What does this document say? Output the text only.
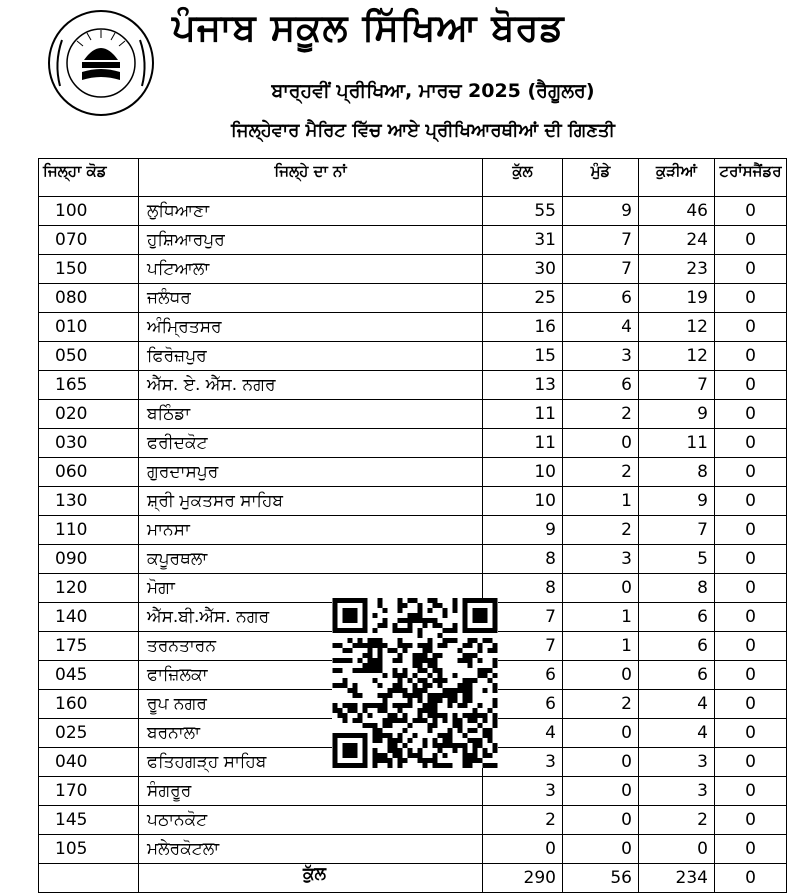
ਪੰਜਾਬ ਸਕੂਲ ਸਿੱਖਿਆ ਬੋਰਡ
ਬਾਰ੍ਹਵੀਂ ਪ੍ਰੀਖਿਆ, ਮਾਰਚ 2025 (ਰੈਗੂਲਰ)
ਜਿਲ੍ਹੇਵਾਰ ਮੈਰਿਟ ਵਿੱਚ ਆਏ ਪ੍ਰੀਖਿਆਰਥੀਆਂ ਦੀ ਗਿਣਤੀ
ਜਿਲ੍ਹਾ ਕੋਡ	ਜਿਲ੍ਹੇ ਦਾ ਨਾਂ	ਕੁੱਲ	ਮੁੰਡੇ	ਕੁੜੀਆਂ	ਟਰਾਂਸਜੈਂਡਰ
100	ਲੁਧਿਆਣਾ	55	9	46	0
070	ਹੁਸ਼ਿਆਰਪੁਰ	31	7	24	0
150	ਪਟਿਆਲਾ	30	7	23	0
080	ਜਲੰਧਰ	25	6	19	0
010	ਅੰਮ੍ਰਿਤਸਰ	16	4	12	0
050	ਫਿਰੋਜ਼ਪੁਰ	15	3	12	0
165	ਐੱਸ. ਏ. ਐੱਸ. ਨਗਰ	13	6	7	0
020	ਬਠਿੰਡਾ	11	2	9	0
030	ਫਰੀਦਕੋਟ	11	0	11	0
060	ਗੁਰਦਾਸਪੁਰ	10	2	8	0
130	ਸ਼੍ਰੀ ਮੁਕਤਸਰ ਸਾਹਿਬ	10	1	9	0
110	ਮਾਨਸਾ	9	2	7	0
090	ਕਪੂਰਥਲਾ	8	3	5	0
120	ਮੋਗਾ	8	0	8	0
140	ਐੱਸ.ਬੀ.ਐੱਸ. ਨਗਰ	7	1	6	0
175	ਤਰਨਤਾਰਨ	7	1	6	0
045	ਫਾਜ਼ਿਲਕਾ	6	0	6	0
160	ਰੂਪ ਨਗਰ	6	2	4	0
025	ਬਰਨਾਲਾ	4	0	4	0
040	ਫਤਿਹਗੜ੍ਹ ਸਾਹਿਬ	3	0	3	0
170	ਸੰਗਰੂਰ	3	0	3	0
145	ਪਠਾਨਕੋਟ	2	0	2	0
105	ਮਲੇਰਕੋਟਲਾ	0	0	0	0
	ਕੁੱਲ	290	56	234	0
